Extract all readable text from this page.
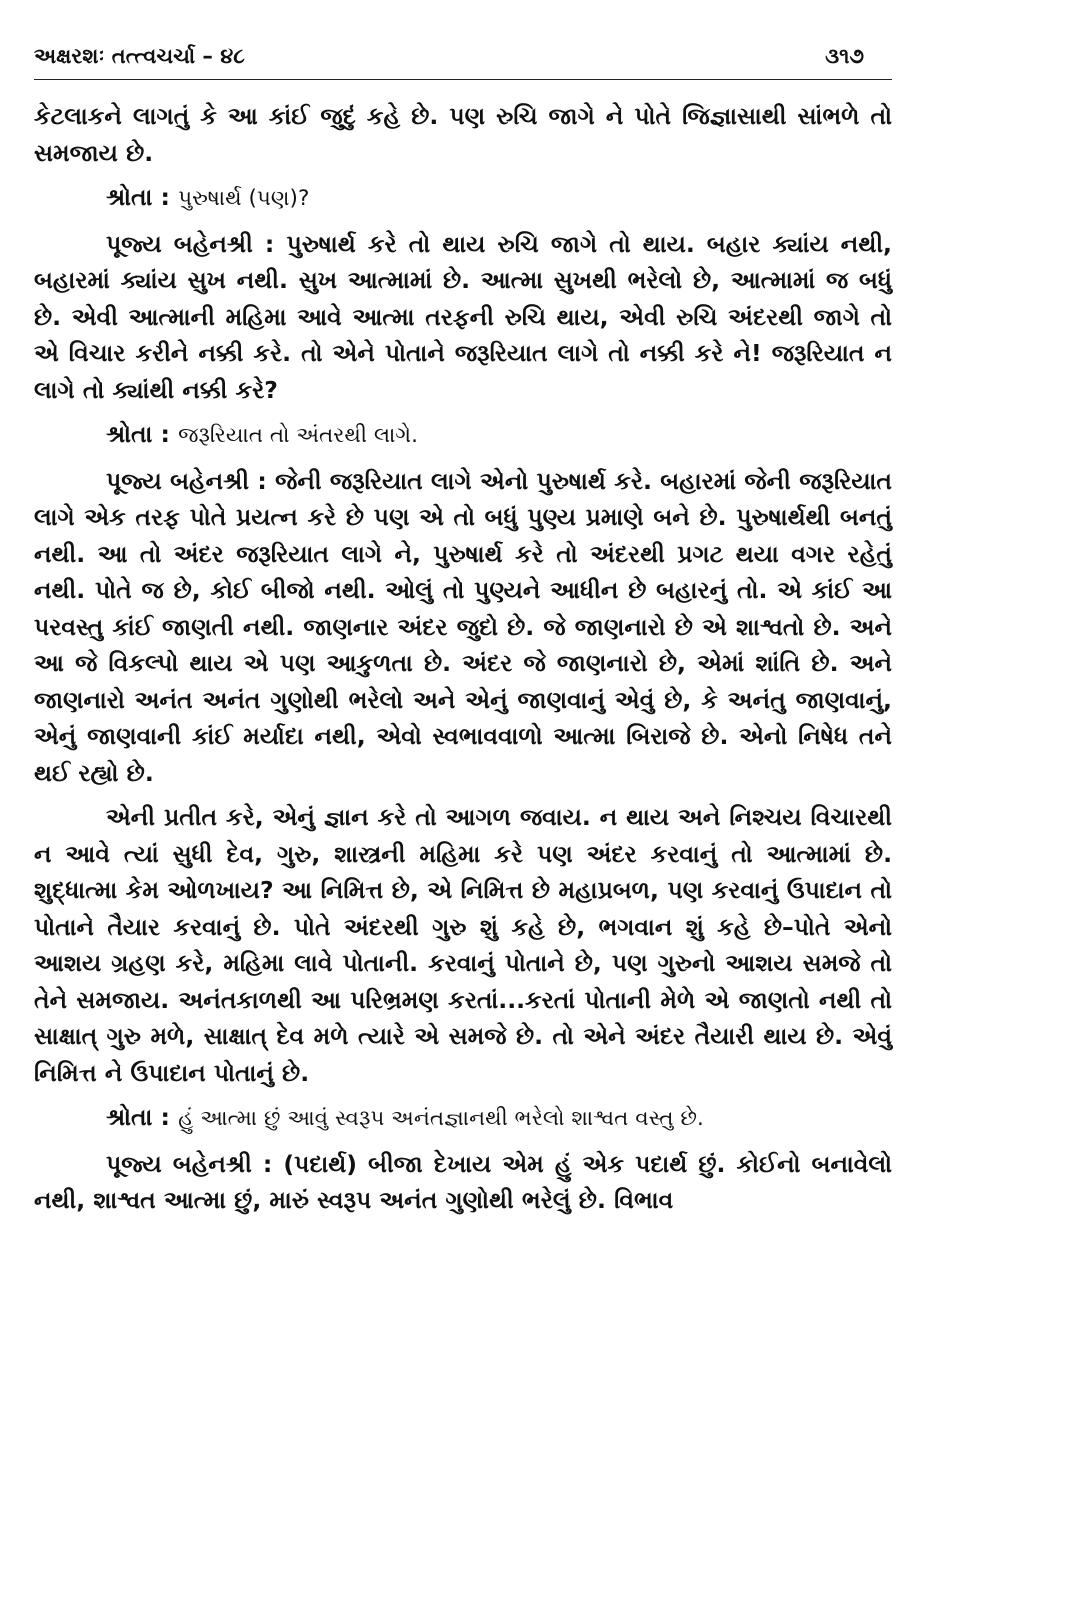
અક્ષરશઃ તત્ત્વચર્ચા – ૪૮	૩૧૭

કેટલાકને લાગતું કે આ કાંઈ જુદું કહે છે. પણ રુચિ જાગે ને પોતે જિજ્ઞાસાથી સાંભળે તો સમજાય છે.

શ્રોતા : પુરુષાર્થ (પણ)?

પૂજ્ય બહેનશ્રી : પુરુષાર્થ કરે તો થાય રુચિ જાગે તો થાય. બહાર ક્યાંય નથી, બહારમાં ક્યાંય સુખ નથી. સુખ આત્મામાં છે. આત્મા સુખથી ભરેલો છે, આત્મામાં જ બધું છે. એવી આત્માની મહિમા આવે આત્મા તરફની રુચિ થાય, એવી રુચિ અંદરથી જાગે તો એ વિચાર કરીને નક્કી કરે. તો એને પોતાને જરૂરિયાત લાગે તો નક્કી કરે ને! જરૂરિયાત ન લાગે તો ક્યાંથી નક્કી કરે?

શ્રોતા : જરૂરિયાત તો અંતરથી લાગે.

પૂજ્ય બહેનશ્રી : જેની જરૂરિયાત લાગે એનો પુરુષાર્થ કરે. બહારમાં જેની જરૂરિયાત લાગે એક તરફ પોતે પ્રયત્ન કરે છે પણ એ તો બધું પુણ્ય પ્રમાણે બને છે. પુરુષાર્થથી બનતું નથી. આ તો અંદર જરૂરિયાત લાગે ને, પુરુષાર્થ કરે તો અંદરથી પ્રગટ થયા વગર રહેતું નથી. પોતે જ છે, કોઈ બીજો નથી. ઓલું તો પુણ્યને આધીન છે બહારનું તો. એ કાંઈ આ પરવસ્તુ કાંઈ જાણતી નથી. જાણનાર અંદર જુદો છે. જે જાણનારો છે એ શાશ્વતો છે. અને આ જે વિકલ્પો થાય એ પણ આકુળતા છે. અંદર જે જાણનારો છે, એમાં શાંતિ છે. અને જાણનારો અનંત અનંત ગુણોથી ભરેલો અને એનું જાણવાનું એવું છે, કે અનંતુ જાણવાનું, એનું જાણવાની કાંઈ મર્યાદા નથી, એવો સ્વભાવવાળો આત્મા બિરાજે છે. એનો નિષેધ તને થઈ રહ્યો છે.

એની પ્રતીત કરે, એનું જ્ઞાન કરે તો આગળ જવાય. ન થાય અને નિશ્ચય વિચારથી ન આવે ત્યાં સુધી દેવ, ગુરુ, શાસ્ત્રની મહિમા કરે પણ અંદર કરવાનું તો આત્મામાં છે. શુદ્ધાત્મા કેમ ઓળખાય? આ નિમિત્ત છે, એ નિમિત્ત છે મહાપ્રબળ, પણ કરવાનું ઉપાદાન તો પોતાને તૈયાર કરવાનું છે. પોતે અંદરથી ગુરુ શું કહે છે, ભગવાન શું કહે છે–પોતે એનો આશય ગ્રહણ કરે, મહિમા લાવે પોતાની. કરવાનું પોતાને છે, પણ ગુરુનો આશય સમજે તો તેને સમજાય. અનંતકાળથી આ પરિભ્રમણ કરતાં...કરતાં પોતાની મેળે એ જાણતો નથી તો સાક્ષાત્ ગુરુ મળે, સાક્ષાત્ દેવ મળે ત્યારે એ સમજે છે. તો એને અંદર તૈયારી થાય છે. એવું નિમિત્ત ને ઉપાદાન પોતાનું છે.

શ્રોતા : હું આત્મા છું આવું સ્વરૂપ અનંતજ્ઞાનથી ભરેલો શાશ્વત વસ્તુ છે.

પૂજ્ય બહેનશ્રી : (પદાર્થ) બીજા દેખાય એમ હું એક પદાર્થ છું. કોઈનો બનાવેલો નથી, શાશ્વત આત્મા છું, મારું સ્વરૂપ અનંત ગુણોથી ભરેલું છે. વિભાવ
